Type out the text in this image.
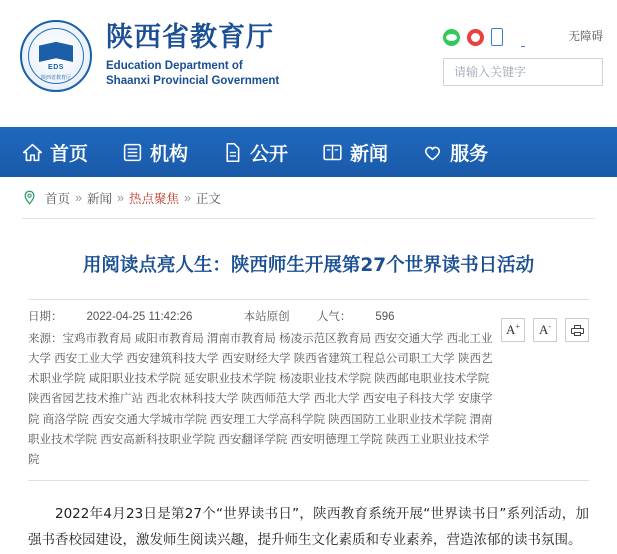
EDS
陕西省教育厅
陕西省教育厅
Education Department of
Shaanxi Provincial Government
无障碍
请输入关键字
首页	机构	公开	新闻	服务
首页 » 新闻 » 热点聚焦 » 正文
用阅读点亮人生：陕西师生开展第27个世界读书日活动
日期： 2022-04-25 11:42:26	本站原创 人气： 596
来源：宝鸡市教育局 咸阳市教育局 渭南市教育局 杨凌示范区教育局 西安交通大学 西北工业大学 西安工业大学 西安建筑科技大学 西安财经大学 陕西省建筑工程总公司职工大学 陕西艺术职业学院 咸阳职业技术学院 延安职业技术学院 杨凌职业技术学院 陕西邮电职业技术学院 陕西省园艺技术推广站 西北农林科技大学 陕西师范大学 西北大学 西安电子科技大学 安康学院 商洛学院 西安交通大学城市学院 西安理工大学高科学院 陕西国防工业职业技术学院 渭南职业技术学院 西安高新科技职业学院 西安翻译学院 西安明德理工学院 陕西工业职业技术学院
A+ A-
2022年4月23日是第27个“世界读书日”，陕西教育系统开展“世界读书日”系列活动，加强书香校园建设，激发师生阅读兴趣，提升师生文化素质和专业素养，营造浓郁的读书氛围。
